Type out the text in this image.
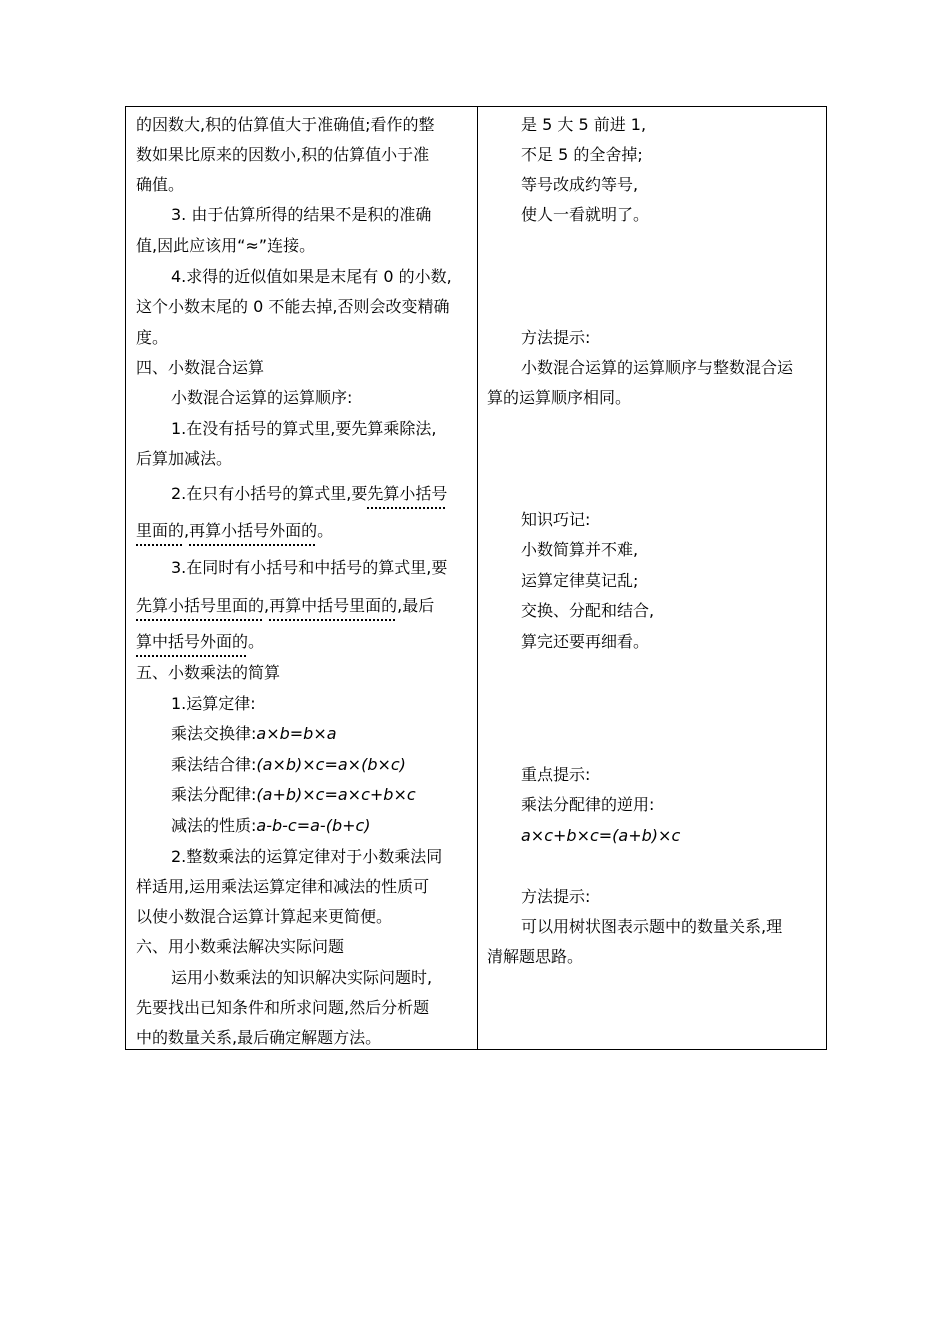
的因数大,积的估算值大于准确值;看作的整
数如果比原来的因数小,积的估算值小于准
确值。
3. 由于估算所得的结果不是积的准确
值,因此应该用“≈”连接。
4.求得的近似值如果是末尾有 0 的小数,
这个小数末尾的 0 不能去掉,否则会改变精确
度。
四、小数混合运算
小数混合运算的运算顺序:
1.在没有括号的算式里,要先算乘除法,
后算加减法。
2.在只有小括号的算式里,要先算小括号
里面的,再算小括号外面的。
3.在同时有小括号和中括号的算式里,要
先算小括号里面的,再算中括号里面的,最后
算中括号外面的。
五、小数乘法的简算
1.运算定律:
乘法交换律:a×b=b×a
乘法结合律:(a×b)×c=a×(b×c)
乘法分配律:(a+b)×c=a×c+b×c
减法的性质:a-b-c=a-(b+c)
2.整数乘法的运算定律对于小数乘法同
样适用,运用乘法运算定律和减法的性质可
以使小数混合运算计算起来更简便。
六、用小数乘法解决实际问题
运用小数乘法的知识解决实际问题时,
先要找出已知条件和所求问题,然后分析题
中的数量关系,最后确定解题方法。
是 5 大 5 前进 1,
不足 5 的全舍掉;
等号改成约等号,
使人一看就明了。
方法提示:
小数混合运算的运算顺序与整数混合运
算的运算顺序相同。
知识巧记:
小数简算并不难,
运算定律莫记乱;
交换、分配和结合,
算完还要再细看。
重点提示:
乘法分配律的逆用:
a×c+b×c=(a+b)×c
方法提示:
可以用树状图表示题中的数量关系,理
清解题思路。
